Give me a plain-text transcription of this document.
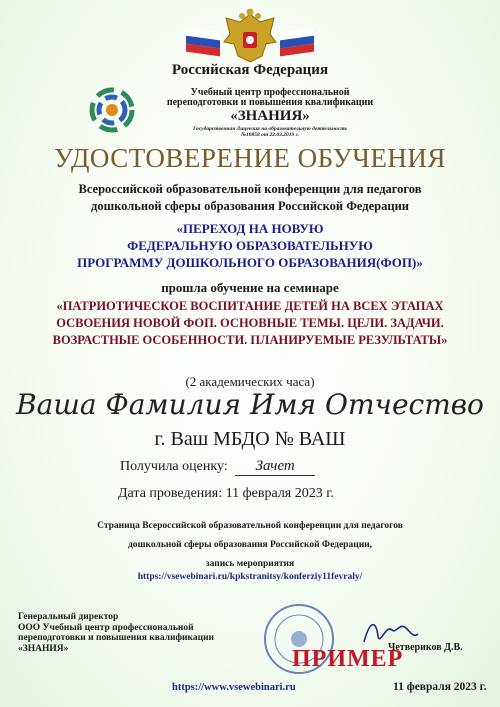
Российская Федерация
Учебный центр профессиональной
переподготовки и повышения квалификации
«ЗНАНИЯ»
Государственная Лицензия на образовательную деятельность
№10858 от 22.03.2019 г.
УДОСТОВЕРЕНИЕ ОБУЧЕНИЯ
Всероссийской образовательной конференции для педагогов
дошкольной сферы образования Российской Федерации
«ПЕРЕХОД НА НОВУЮ
ФЕДЕРАЛЬНУЮ ОБРАЗОВАТЕЛЬНУЮ
ПРОГРАММУ ДОШКОЛЬНОГО ОБРАЗОВАНИЯ(ФОП)»
прошла обучение на семинаре
«ПАТРИОТИЧЕСКОЕ ВОСПИТАНИЕ ДЕТЕЙ НА ВСЕХ ЭТАПАХ
ОСВОЕНИЯ НОВОЙ ФОП. ОСНОВНЫЕ ТЕМЫ. ЦЕЛИ. ЗАДАЧИ.
ВОЗРАСТНЫЕ ОСОБЕННОСТИ. ПЛАНИРУЕМЫЕ РЕЗУЛЬТАТЫ»
(2 академических часа)
Ваша Фамилия Имя Отчество
г. Ваш МБДО № ВАШ
Получила оценку: Зачет
Дата проведения: 11 февраля 2023 г.
Страница Всероссийской образовательной конференции для педагогов
дошкольной сферы образования Российской Федерации,
запись мероприятия
https://vsewebinari.ru/kpkstranitsy/konferziy11fevraly/
Генеральный директор
ООО Учебный центр профессиональной
переподготовки и повышения квалификации
«ЗНАНИЯ»	Четвериков Д.В.
ПРИМЕР
https://www.vsewebinari.ru	11 февраля 2023 г.
